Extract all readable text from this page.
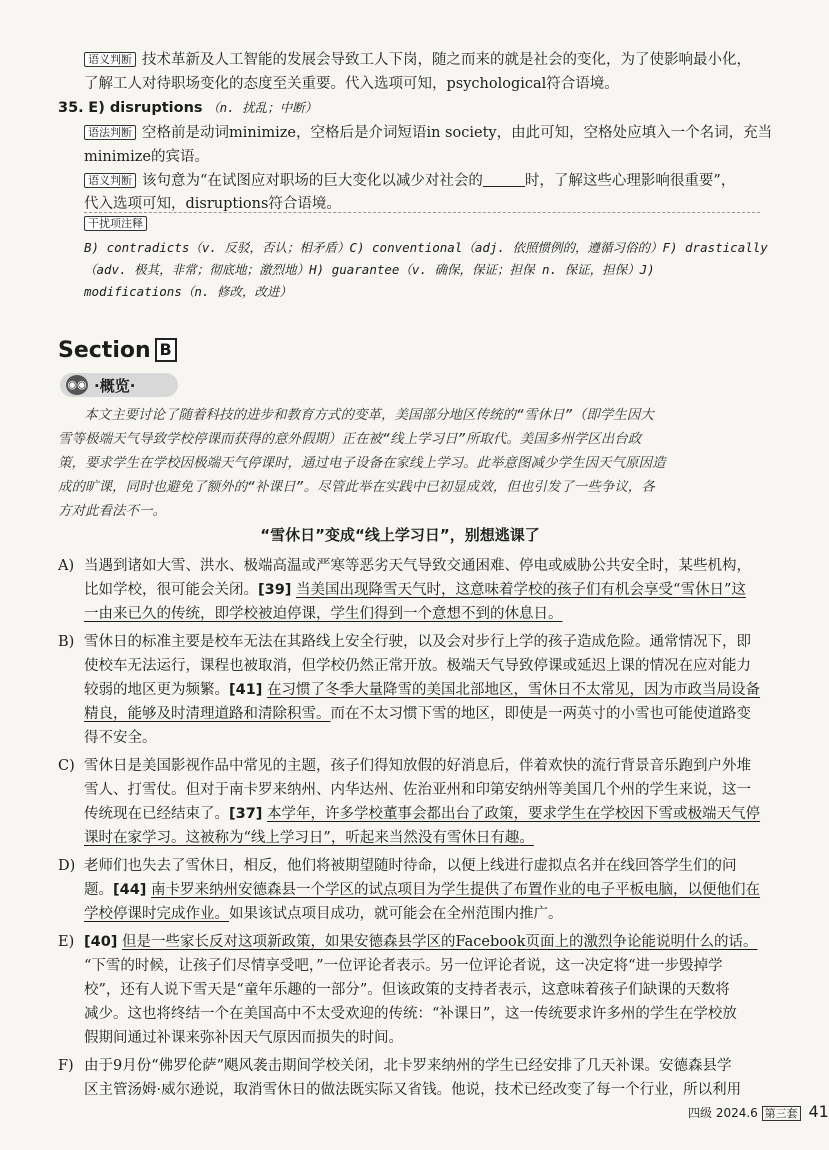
语义判断 技术革新及人工智能的发展会导致工人下岗，随之而来的就是社会的变化，为了使影响最小化，
了解工人对待职场变化的态度至关重要。代入选项可知，psychological符合语境。
35. E) disruptions （n. 扰乱；中断）
语法判断 空格前是动词minimize，空格后是介词短语in society，由此可知，空格处应填入一个名词，充当
minimize的宾语。
语义判断 该句意为“在试图应对职场的巨大变化以减少对社会的	时，了解这些心理影响很重要”，
代入选项可知，disruptions符合语境。
干扰项注释
B) contradicts（v. 反驳，否认；相矛盾）C) conventional（adj. 依照惯例的，遵循习俗的）F) drastically
（adv. 极其，非常；彻底地；激烈地）H) guarantee（v. 确保，保证；担保 n. 保证，担保）J)
modifications（n. 修改，改进）
Section B
◉◉ ·概览·
本文主要讨论了随着科技的进步和教育方式的变革，美国部分地区传统的“雪休日”（即学生因大
雪等极端天气导致学校停课而获得的意外假期）正在被“线上学习日”所取代。美国多州学区出台政
策，要求学生在学校因极端天气停课时，通过电子设备在家线上学习。此举意图减少学生因天气原因造
成的旷课，同时也避免了额外的“补课日”。尽管此举在实践中已初显成效，但也引发了一些争议，各
方对此看法不一。
“雪休日”变成“线上学习日”，别想逃课了
A) 当遇到诸如大雪、洪水、极端高温或严寒等恶劣天气导致交通困难、停电或威胁公共安全时，某些机构，
比如学校，很可能会关闭。[39] 当美国出现降雪天气时，这意味着学校的孩子们有机会享受“雪休日”这
一由来已久的传统，即学校被迫停课，学生们得到一个意想不到的休息日。
B) 雪休日的标准主要是校车无法在其路线上安全行驶，以及会对步行上学的孩子造成危险。通常情况下，即
使校车无法运行，课程也被取消，但学校仍然正常开放。极端天气导致停课或延迟上课的情况在应对能力
较弱的地区更为频繁。[41] 在习惯了冬季大量降雪的美国北部地区，雪休日不太常见，因为市政当局设备
精良，能够及时清理道路和清除积雪。而在不太习惯下雪的地区，即使是一两英寸的小雪也可能使道路变
得不安全。
C) 雪休日是美国影视作品中常见的主题，孩子们得知放假的好消息后，伴着欢快的流行背景音乐跑到户外堆
雪人、打雪仗。但对于南卡罗来纳州、内华达州、佐治亚州和印第安纳州等美国几个州的学生来说，这一
传统现在已经结束了。[37] 本学年，许多学校董事会都出台了政策，要求学生在学校因下雪或极端天气停
课时在家学习。这被称为“线上学习日”，听起来当然没有雪休日有趣。
D) 老师们也失去了雪休日，相反，他们将被期望随时待命，以便上线进行虚拟点名并在线回答学生们的问
题。[44] 南卡罗来纳州安德森县一个学区的试点项目为学生提供了布置作业的电子平板电脑，以便他们在
学校停课时完成作业。如果该试点项目成功，就可能会在全州范围内推广。
E) [40] 但是一些家长反对这项新政策，如果安德森县学区的Facebook页面上的激烈争论能说明什么的话。
“下雪的时候，让孩子们尽情享受吧，”一位评论者表示。另一位评论者说，这一决定将“进一步毁掉学
校”，还有人说下雪天是“童年乐趣的一部分”。但该政策的支持者表示，这意味着孩子们缺课的天数将
减少。这也将终结一个在美国高中不太受欢迎的传统：“补课日”，这一传统要求许多州的学生在学校放
假期间通过补课来弥补因天气原因而损失的时间。
F) 由于9月份“佛罗伦萨”飓风袭击期间学校关闭，北卡罗来纳州的学生已经安排了几天补课。安德森县学
区主管汤姆·威尔逊说，取消雪休日的做法既实际又省钱。他说，技术已经改变了每一个行业，所以利用
四级 2024.6 第三套 41
